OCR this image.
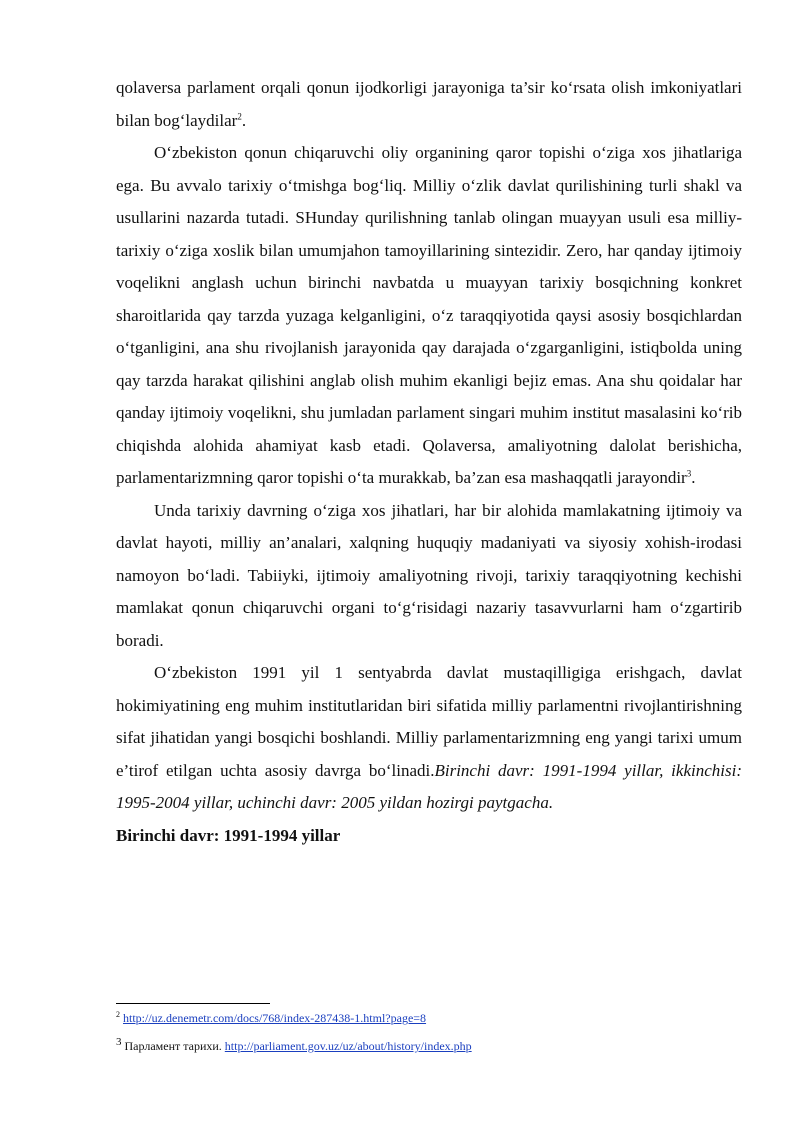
qolaversa parlament orqali qonun ijodkorligi jarayoniga ta’sir ko‘rsata olish imkoniyatlari bilan bog‘laydilar$^2$.

O‘zbekiston qonun chiqaruvchi oliy organining qaror topishi o‘ziga xos jihatlariga ega. Bu avvalo tarixiy o‘tmishga bog‘liq. Milliy o‘zlik davlat qurilishining turli shakl va usullarini nazarda tutadi. SHunday qurilishning tanlab olingan muayyan usuli esa milliy-tarixiy o‘ziga xoslik bilan umumjahon tamoyillarining sintezidir. Zero, har qanday ijtimoiy voqelikni anglash uchun birinchi navbatda u muayyan tarixiy bosqichning konkret sharoitlarida qay tarzda yuzaga kelganligini, o‘z taraqqiyotida qaysi asosiy bosqichlardan o‘tganligini, ana shu rivojlanish jarayonida qay darajada o‘zgarganligini, istiqbolda uning qay tarzda harakat qilishini anglab olish muhim ekanligi bejiz emas. Ana shu qoidalar har qanday ijtimoiy voqelikni, shu jumladan parlament singari muhim institut masalasini ko‘rib chiqishda alohida ahamiyat kasb etadi. Qolaversa, amaliyotning dalolat berishicha, parlamentarizmning qaror topishi o‘ta murakkab, ba’zan esa mashaqqatli jarayondir$^3$.

Unda tarixiy davrning o‘ziga xos jihatlari, har bir alohida mamlakatning ijtimoiy va davlat hayoti, milliy an’analari, xalqning huquqiy madaniyati va siyosiy xohish-irodasi namoyon bo‘ladi. Tabiiyki, ijtimoiy amaliyotning rivoji, tarixiy taraqqiyotning kechishi mamlakat qonun chiqaruvchi organi to‘g‘risidagi nazariy tasavvurlarni ham o‘zgartirib boradi.

O‘zbekiston 1991 yil 1 sentyabrda davlat mustaqilligiga erishgach, davlat hokimiyatining eng muhim institutlaridan biri sifatida milliy parlamentni rivojlantirishning sifat jihatidan yangi bosqichi boshlandi. Milliy parlamentarizmning eng yangi tarixi umum e’tirof etilgan uchta asosiy davrga bo‘linadi.Birinchi davr: 1991-1994 yillar, ikkinchisi: 1995-2004 yillar, uchinchi davr: 2005 yildan hozirgi paytgacha.

Birinchi davr: 1991-1994 yillar

$^2$ http://uz.denemetr.com/docs/768/index-287438-1.html?page=8

$^3$ Парламент тарихи. http://parliament.gov.uz/uz/about/history/index.php
